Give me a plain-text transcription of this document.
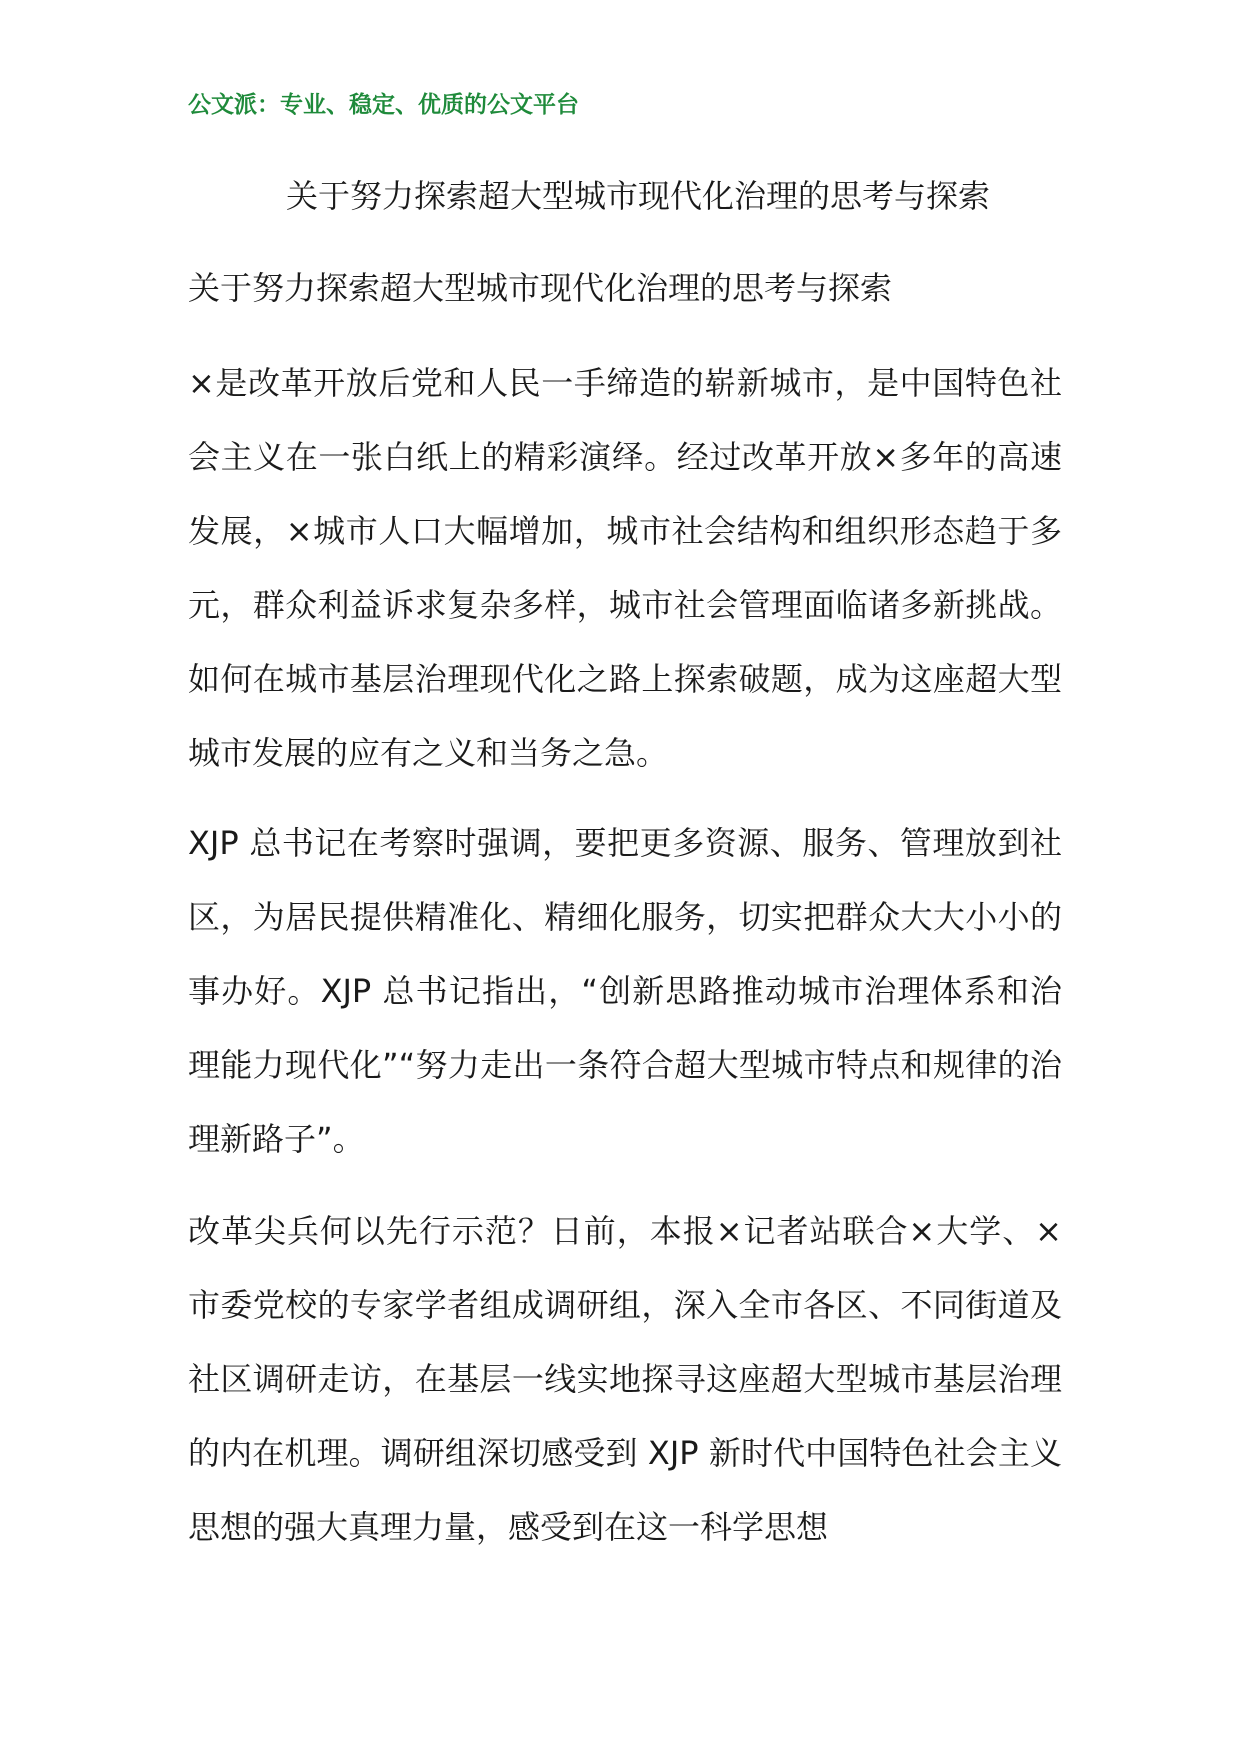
公文派：专业、稳定、优质的公文平台
关于努力探索超大型城市现代化治理的思考与探索
关于努力探索超大型城市现代化治理的思考与探索
×是改革开放后党和人民一手缔造的崭新城市，是中国特色社会主义在一张白纸上的精彩演绎。经过改革开放×多年的高速发展，×城市人口大幅增加，城市社会结构和组织形态趋于多元，群众利益诉求复杂多样，城市社会管理面临诸多新挑战。如何在城市基层治理现代化之路上探索破题，成为这座超大型城市发展的应有之义和当务之急。
XJP 总书记在考察时强调，要把更多资源、服务、管理放到社区，为居民提供精准化、精细化服务，切实把群众大大小小的事办好。XJP 总书记指出，“创新思路推动城市治理体系和治理能力现代化”“努力走出一条符合超大型城市特点和规律的治理新路子”。
改革尖兵何以先行示范？日前，本报×记者站联合×大学、×市委党校的专家学者组成调研组，深入全市各区、不同街道及社区调研走访，在基层一线实地探寻这座超大型城市基层治理的内在机理。调研组深切感受到 XJP 新时代中国特色社会主义思想的强大真理力量，感受到在这一科学思想
